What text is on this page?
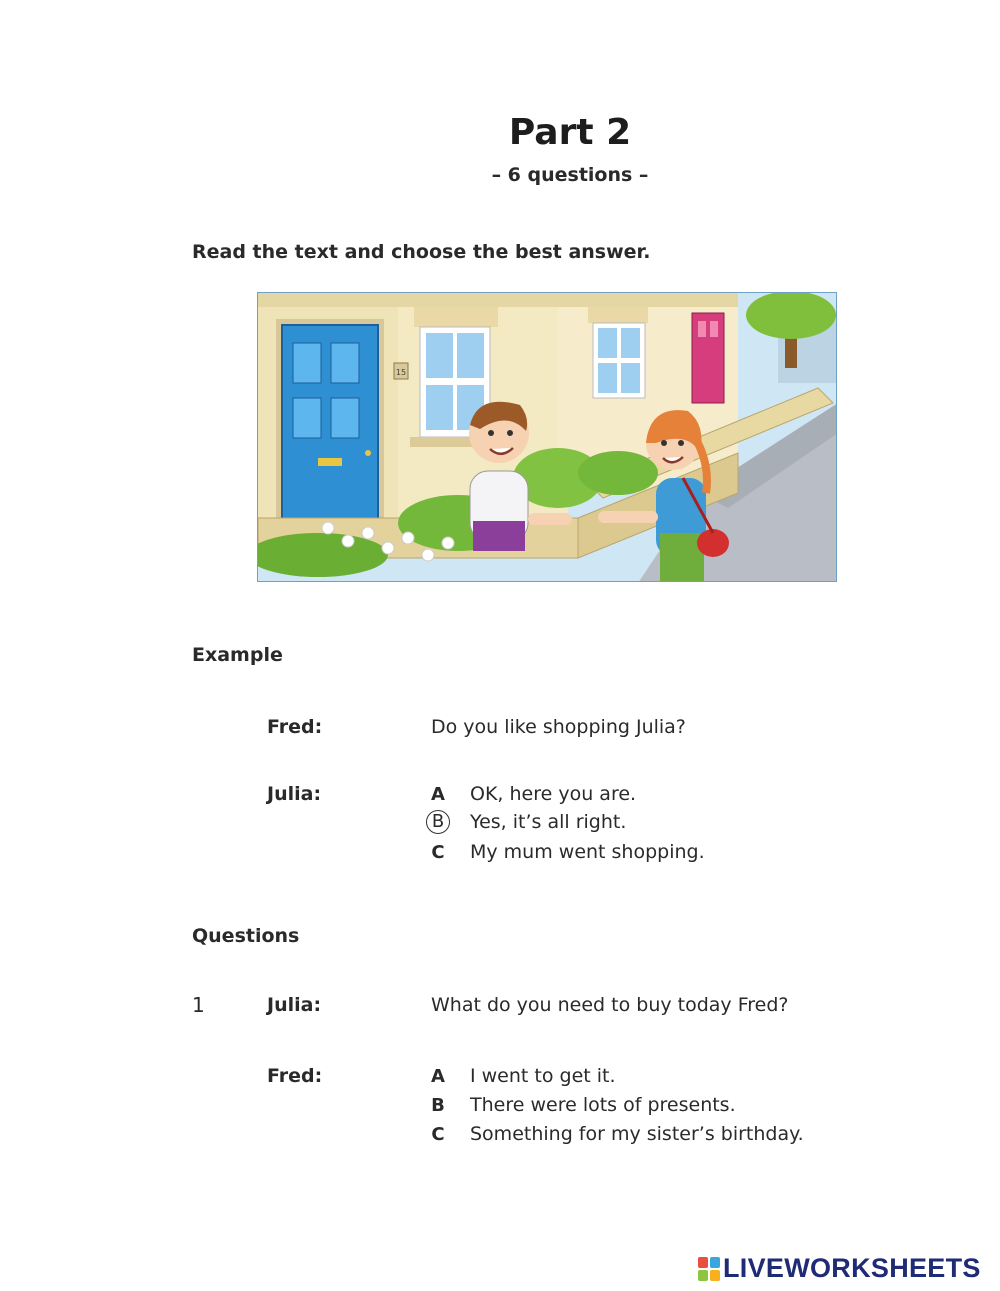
Part 2
– 6 questions –
Read the text and choose the best answer.
15
Example
Fred:	Do you like shopping Julia?
Julia:	A OK, here you are.
B	Yes, it’s all right.
C My mum went shopping.
Questions
1	Julia:	What do you need to buy today Fred?
Fred:	A I went to get it.
B There were lots of presents.
C Something for my sister’s birthday.
LIVEWORKSHEETS
